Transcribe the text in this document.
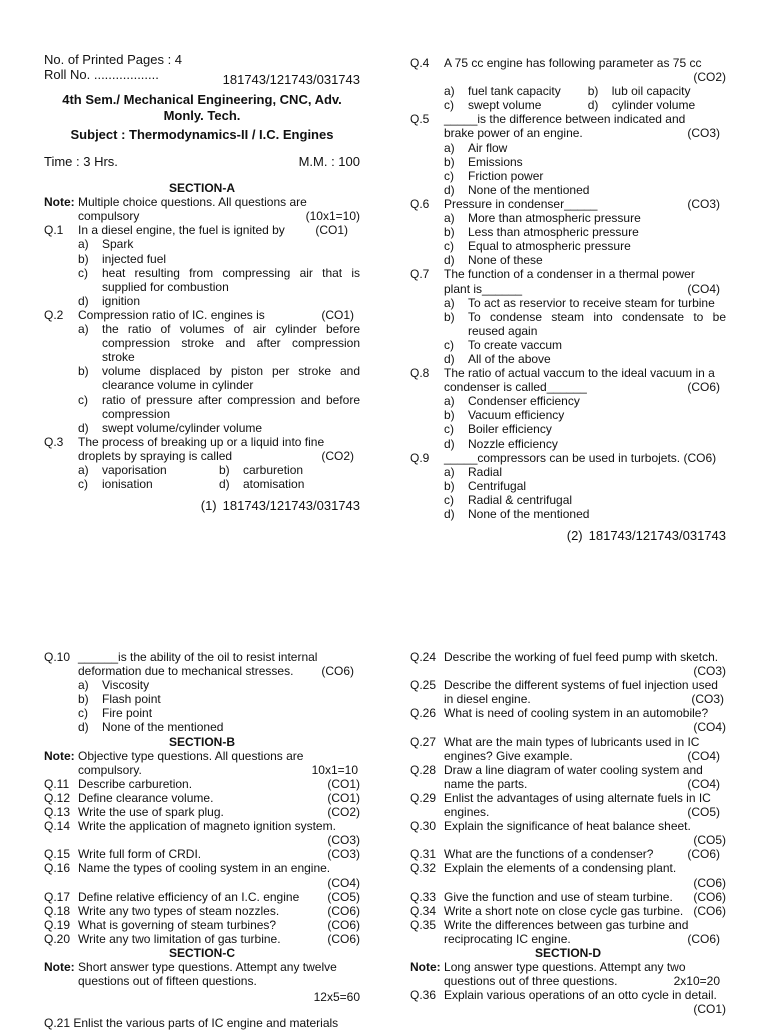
No. of Printed Pages : 4
Roll No. ..................	181743/121743/031743
4th Sem./ Mechanical Engineering, CNC, Adv.
Monly. Tech.
Subject : Thermodynamics-II / I.C. Engines
Time : 3 Hrs.	M.M. : 100
SECTION-A
Note: Multiple choice questions. All questions are
compulsory	(10x1=10)
Q.1	In a diesel engine, the fuel is ignited by	(CO1)
a)	Spark
b)	injected fuel
c)	heat resulting from compressing air that is supplied for combustion
d)	ignition
Q.2	Compression ratio of IC. engines is	(CO1)
a)	the ratio of volumes of air cylinder before compression stroke and after compression stroke
b)	volume displaced by piston per stroke and clearance volume in cylinder
c)	ratio of pressure after compression and before compression
d)	swept volume/cylinder volume
Q.3	The process of breaking up or a liquid into fine
droplets by spraying is called	(CO2)
a)	vaporisation	b)	carburetion
c)	ionisation	d)	atomisation
(1) 181743/121743/031743
Q.4	A 75 cc engine has following parameter as 75 cc
(CO2)
a)	fuel tank capacity b)	lub oil capacity
c)	swept volume	d)	cylinder volume
Q.5	_____is the difference between indicated and
brake power of an engine.	(CO3)
a)	Air flow
b)	Emissions
c)	Friction power
d)	None of the mentioned
Q.6	Pressure in condenser_____	(CO3)
a)	More than atmospheric pressure
b)	Less than atmospheric pressure
c)	Equal to atmospheric pressure
d)	None of these
Q.7	The function of a condenser in a thermal power
plant is______	(CO4)
a)	To act as reservior to receive steam for turbine
b)	To condense steam into condensate to be reused again
c)	To create vaccum
d)	All of the above
Q.8	The ratio of actual vaccum to the ideal vacuum in a
condenser is called______	(CO6)
a)	Condenser efficiency
b)	Vacuum efficiency
c)	Boiler efficiency
d)	Nozzle efficiency
Q.9	_____compressors can be used in turbojets. (CO6)
a)	Radial
b)	Centrifugal
c)	Radial & centrifugal
d)	None of the mentioned
(2) 181743/121743/031743
Q.10 ______is the ability of the oil to resist internal
deformation due to mechanical stresses.	(CO6)
a)	Viscosity
b)	Flash point
c)	Fire point
d)	None of the mentioned
SECTION-B
Note: Objective type questions. All questions are
compulsory.	10x1=10
Q.11 Describe carburetion.	(CO1)
Q.12 Define clearance volume.	(CO1)
Q.13 Write the use of spark plug.	(CO2)
Q.14 Write the application of magneto ignition system.
(CO3)
Q.15 Write full form of CRDI.	(CO3)
Q.16 Name the types of cooling system in an engine.
(CO4)
Q.17 Define relative efficiency of an I.C. engine	(CO5)
Q.18 Write any two types of steam nozzles.	(CO6)
Q.19 What is governing of steam turbines?	(CO6)
Q.20 Write any two limitation of gas turbine.	(CO6)
SECTION-C
Note: Short answer type questions. Attempt any twelve
questions out of fifteen questions.
12x5=60
Q.21 Enlist the various parts of IC engine and materials
Q.24 Describe the working of fuel feed pump with sketch.
(CO3)
Q.25 Describe the different systems of fuel injection used
in diesel engine.	(CO3)
Q.26 What is need of cooling system in an automobile?
(CO4)
Q.27 What are the main types of lubricants used in IC
engines? Give example.	(CO4)
Q.28 Draw a line diagram of water cooling system and
name the parts.	(CO4)
Q.29 Enlist the advantages of using alternate fuels in IC
engines.	(CO5)
Q.30 Explain the significance of heat balance sheet.
(CO5)
Q.31 What are the functions of a condenser?	(CO6)
Q.32 Explain the elements of a condensing plant.
(CO6)
Q.33 Give the function and use of steam turbine.	(CO6)
Q.34 Write a short note on close cycle gas turbine. (CO6)
Q.35 Write the differences between gas turbine and
reciprocating IC engine.	(CO6)
SECTION-D
Note: Long answer type questions. Attempt any two
questions out of three questions.	2x10=20
Q.36 Explain various operations of an otto cycle in detail.
(CO1)
